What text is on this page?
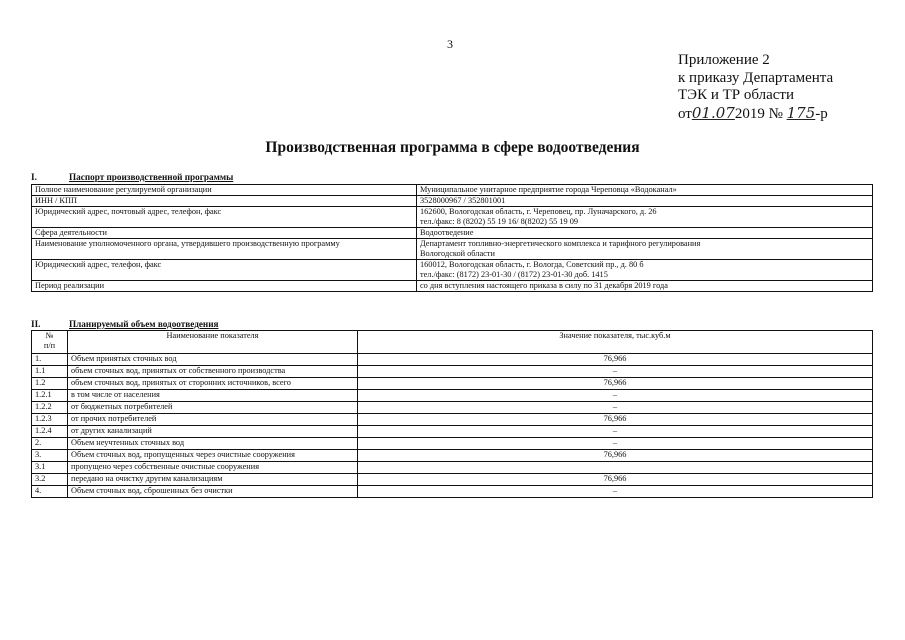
3
Приложение 2
к приказу Департамента
ТЭК и ТР области
от01.072019 № 175-р
Производственная программа в сфере водоотведения
I.	Паспорт производственной программы
Полное наименование регулируемой организации	Муниципальное унитарное предприятие города Череповца «Водоканал»

ИНН / КПП	3528000967 / 352801001

Юридический адрес, почтовый адрес, телефон, факс	162600, Вологодская область, г. Череповец, пр. Луначарского, д. 26
тел./факс: 8 (8202) 55 19 16/ 8(8202) 55 19 09

Сфера деятельности	Водоотведение

Наименование уполномоченного органа, утвердившего производственную программу	Департамент топливно-энергетического комплекса и тарифного регулирования
Вологодской области

Юридический адрес, телефон, факс	160012, Вологодская область, г. Вологда, Советский пр., д. 80 б
тел./факс: (8172) 23-01-30 / (8172) 23-01-30 доб. 1415

Период реализации	со дня вступления настоящего приказа в силу по 31 декабря 2019 года
II.	Планируемый объем водоотведения
№
п/п	Наименование показателя	Значение показателя, тыс.куб.м
1.	Объем принятых сточных вод	76,966
1.1	объем сточных вод, принятых от собственного производства	–
1.2	объем сточных вод, принятых от сторонних источников, всего	76,966
1.2.1	в том числе от населения	–
1.2.2	от бюджетных потребителей	–
1.2.3	от прочих потребителей	76,966
1.2.4	от других канализаций	–
2.	Объем неучтенных сточных вод	–
3.	Объем сточных вод, пропущенных через очистные сооружения	76,966
3.1	пропущено через собственные очистные сооружения	
3.2	передано на очистку другим канализациям	76,966
4.	Объем сточных вод, сброшенных без очистки	–
